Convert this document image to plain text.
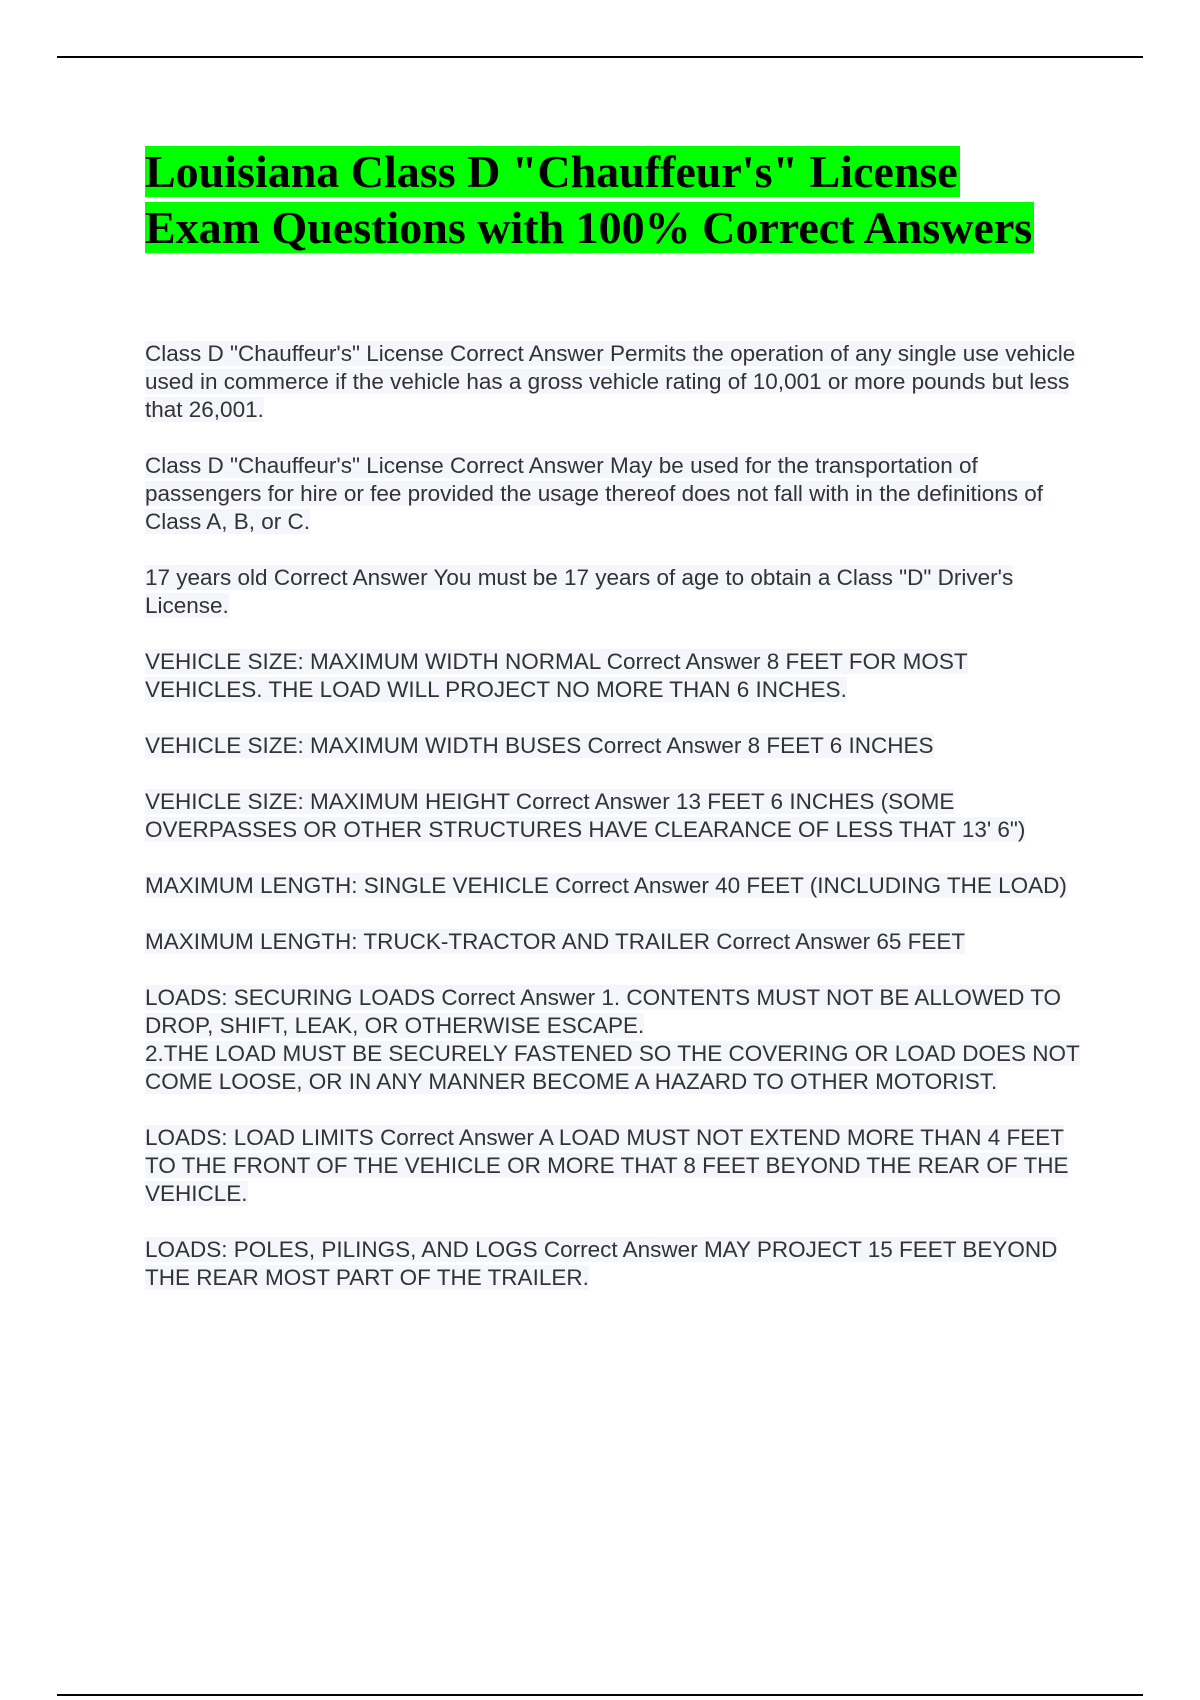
Louisiana Class D "Chauffeur's" License
Exam Questions with 100% Correct Answers
Class D "Chauffeur's" License Correct Answer Permits the operation of any single use vehicle used in commerce if the vehicle has a gross vehicle rating of 10,001 or more pounds but less that 26,001.
Class D "Chauffeur's" License Correct Answer May be used for the transportation of passengers for hire or fee provided the usage thereof does not fall with in the definitions of Class A, B, or C.
17 years old Correct Answer You must be 17 years of age to obtain a Class "D" Driver's License.
VEHICLE SIZE: MAXIMUM WIDTH NORMAL Correct Answer 8 FEET FOR MOST VEHICLES. THE LOAD WILL PROJECT NO MORE THAN 6 INCHES.
VEHICLE SIZE: MAXIMUM WIDTH BUSES Correct Answer 8 FEET 6 INCHES
VEHICLE SIZE: MAXIMUM HEIGHT Correct Answer 13 FEET 6 INCHES (SOME OVERPASSES OR OTHER STRUCTURES HAVE CLEARANCE OF LESS THAT 13' 6")
MAXIMUM LENGTH: SINGLE VEHICLE Correct Answer 40 FEET (INCLUDING THE LOAD)
MAXIMUM LENGTH: TRUCK-TRACTOR AND TRAILER Correct Answer 65 FEET
LOADS: SECURING LOADS Correct Answer 1. CONTENTS MUST NOT BE ALLOWED TO DROP, SHIFT, LEAK, OR OTHERWISE ESCAPE.
2.THE LOAD MUST BE SECURELY FASTENED SO THE COVERING OR LOAD DOES NOT COME LOOSE, OR IN ANY MANNER BECOME A HAZARD TO OTHER MOTORIST.
LOADS: LOAD LIMITS Correct Answer A LOAD MUST NOT EXTEND MORE THAN 4 FEET TO THE FRONT OF THE VEHICLE OR MORE THAT 8 FEET BEYOND THE REAR OF THE VEHICLE.
LOADS: POLES, PILINGS, AND LOGS Correct Answer MAY PROJECT 15 FEET BEYOND THE REAR MOST PART OF THE TRAILER.
